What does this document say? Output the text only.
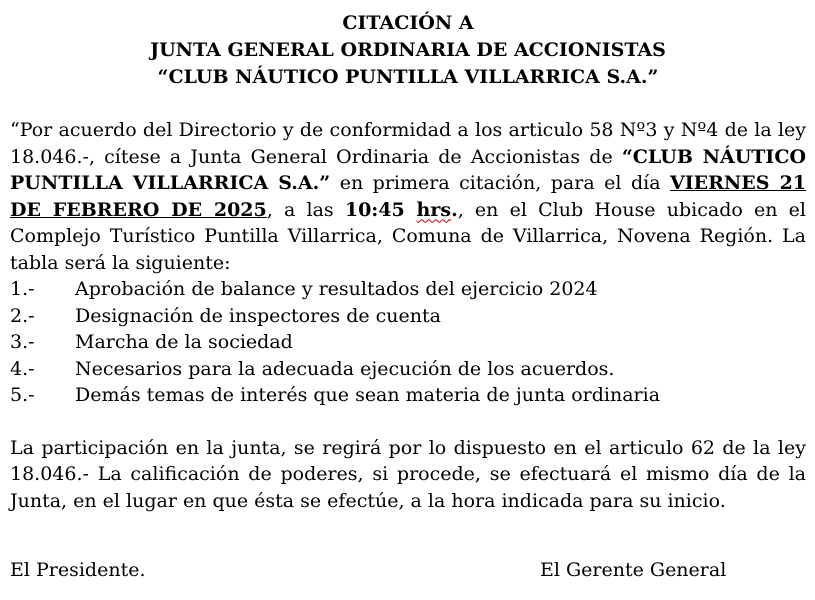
CITACIÓN A
JUNTA GENERAL ORDINARIA DE ACCIONISTAS
“CLUB NÁUTICO PUNTILLA VILLARRICA S.A.”

“Por acuerdo del Directorio y de conformidad a los articulo 58 Nº3 y Nº4 de la ley 18.046.-, cítese a Junta General Ordinaria de Accionistas de “CLUB NÁUTICO PUNTILLA VILLARRICA S.A.” en primera citación, para el día VIERNES 21 DE FEBRERO DE 2025, a las 10:45 hrs., en el Club House ubicado en el Complejo Turístico Puntilla Villarrica, Comuna de Villarrica, Novena Región. La tabla será la siguiente:

1.-	Aprobación de balance y resultados del ejercicio 2024
2.-	Designación de inspectores de cuenta
3.-	Marcha de la sociedad
4.-	Necesarios para la adecuada ejecución de los acuerdos.
5.-	Demás temas de interés que sean materia de junta ordinaria

La participación en la junta, se regirá por lo dispuesto en el articulo 62 de la ley 18.046.- La calificación de poderes, si procede, se efectuará el mismo día de la Junta, en el lugar en que ésta se efectúe, a la hora indicada para su inicio.

El Presidente.	El Gerente General
